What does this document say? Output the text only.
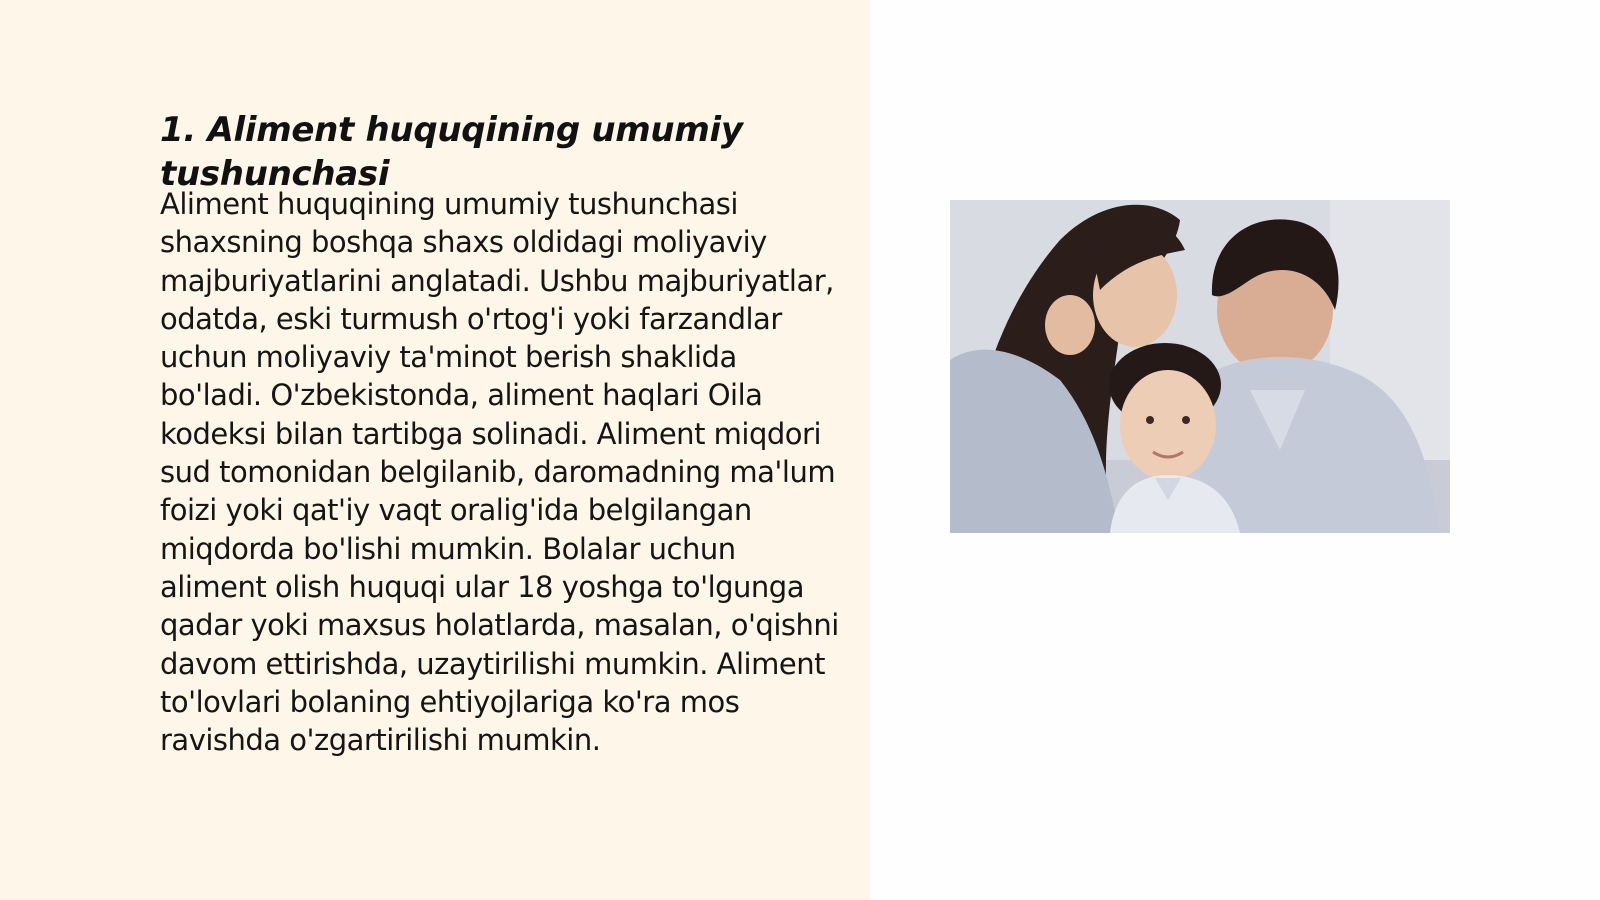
1. Aliment huquqining umumiy tushunchasi

Aliment huquqining umumiy tushunchasi shaxsning boshqa shaxs oldidagi moliyaviy majburiyatlarini anglatadi. Ushbu majburiyatlar, odatda, eski turmush o'rtog'i yoki farzandlar uchun moliyaviy ta'minot berish shaklida bo'ladi. O'zbekistonda, aliment haqlari Oila kodeksi bilan tartibga solinadi. Aliment miqdori sud tomonidan belgilanib, daromadning ma'lum foizi yoki qat'iy vaqt oralig'ida belgilangan miqdorda bo'lishi mumkin. Bolalar uchun aliment olish huquqi ular 18 yoshga to'lgunga qadar yoki maxsus holatlarda, masalan, o'qishni davom ettirishda, uzaytirilishi mumkin. Aliment to'lovlari bolaning ehtiyojlariga ko'ra mos ravishda o'zgartirilishi mumkin.
